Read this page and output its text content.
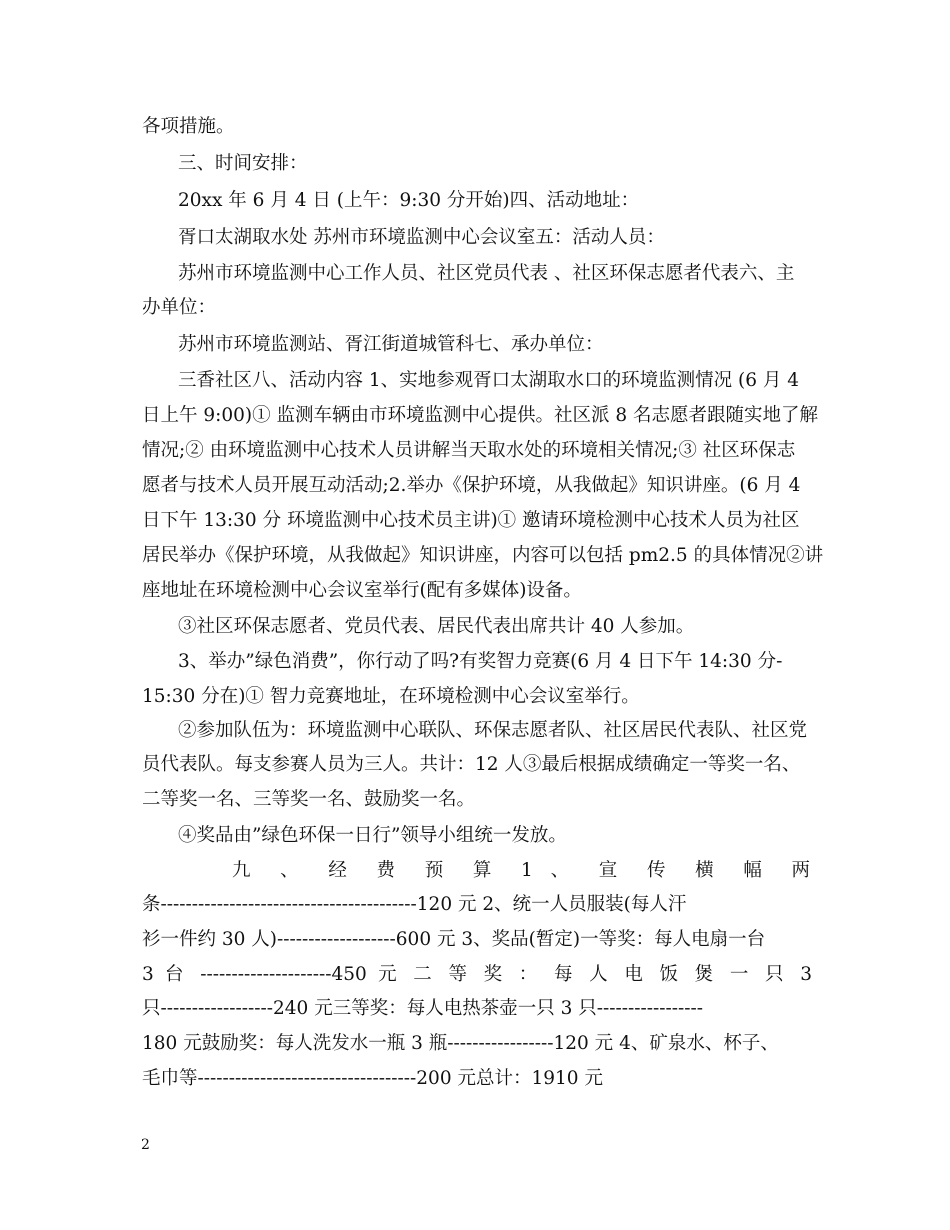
各项措施。
三、时间安排：
20xx 年 6 月 4 日 (上午：9:30 分开始)四、活动地址：
胥口太湖取水处 苏州市环境监测中心会议室五：活动人员：
苏州市环境监测中心工作人员、社区党员代表 、社区环保志愿者代表六、主
办单位：
苏州市环境监测站、胥江街道城管科七、承办单位：
三香社区八、活动内容 1、实地参观胥口太湖取水口的环境监测情况 (6 月 4
日上午 9:00)① 监测车辆由市环境监测中心提供。社区派 8 名志愿者跟随实地了解
情况;② 由环境监测中心技术人员讲解当天取水处的环境相关情况;③ 社区环保志
愿者与技术人员开展互动活动;2.举办《保护环境，从我做起》知识讲座。(6 月 4
日下午 13:30 分 环境监测中心技术员主讲)① 邀请环境检测中心技术人员为社区
居民举办《保护环境，从我做起》知识讲座，内容可以包括 pm2.5 的具体情况②讲
座地址在环境检测中心会议室举行(配有多媒体)设备。
③社区环保志愿者、党员代表、居民代表出席共计 40 人参加。
3、举办”绿色消费”，你行动了吗?有奖智力竞赛(6 月 4 日下午 14:30 分-
15:30 分在)① 智力竞赛地址，在环境检测中心会议室举行。
②参加队伍为：环境监测中心联队、环保志愿者队、社区居民代表队、社区党
员代表队。每支参赛人员为三人。共计：12 人③最后根据成绩确定一等奖一名、
二等奖一名、三等奖一名、鼓励奖一名。
④奖品由”绿色环保一日行”领导小组统一发放。
九 、 经 费 预 算 1 、 宣 传 横 幅 两
条-----------------------------------------120 元 2、统一人员服装(每人汗
衫一件约 30 人)-------------------600 元 3、奖品(暂定)一等奖：每人电扇一台
3 台 ---------------------450 元 二 等 奖 ： 每 人 电 饭 煲 一 只 3
只------------------240 元三等奖：每人电热茶壶一只 3 只-----------------
180 元鼓励奖：每人洗发水一瓶 3 瓶-----------------120 元 4、矿泉水、杯子、
毛巾等-----------------------------------200 元总计：1910 元
2
